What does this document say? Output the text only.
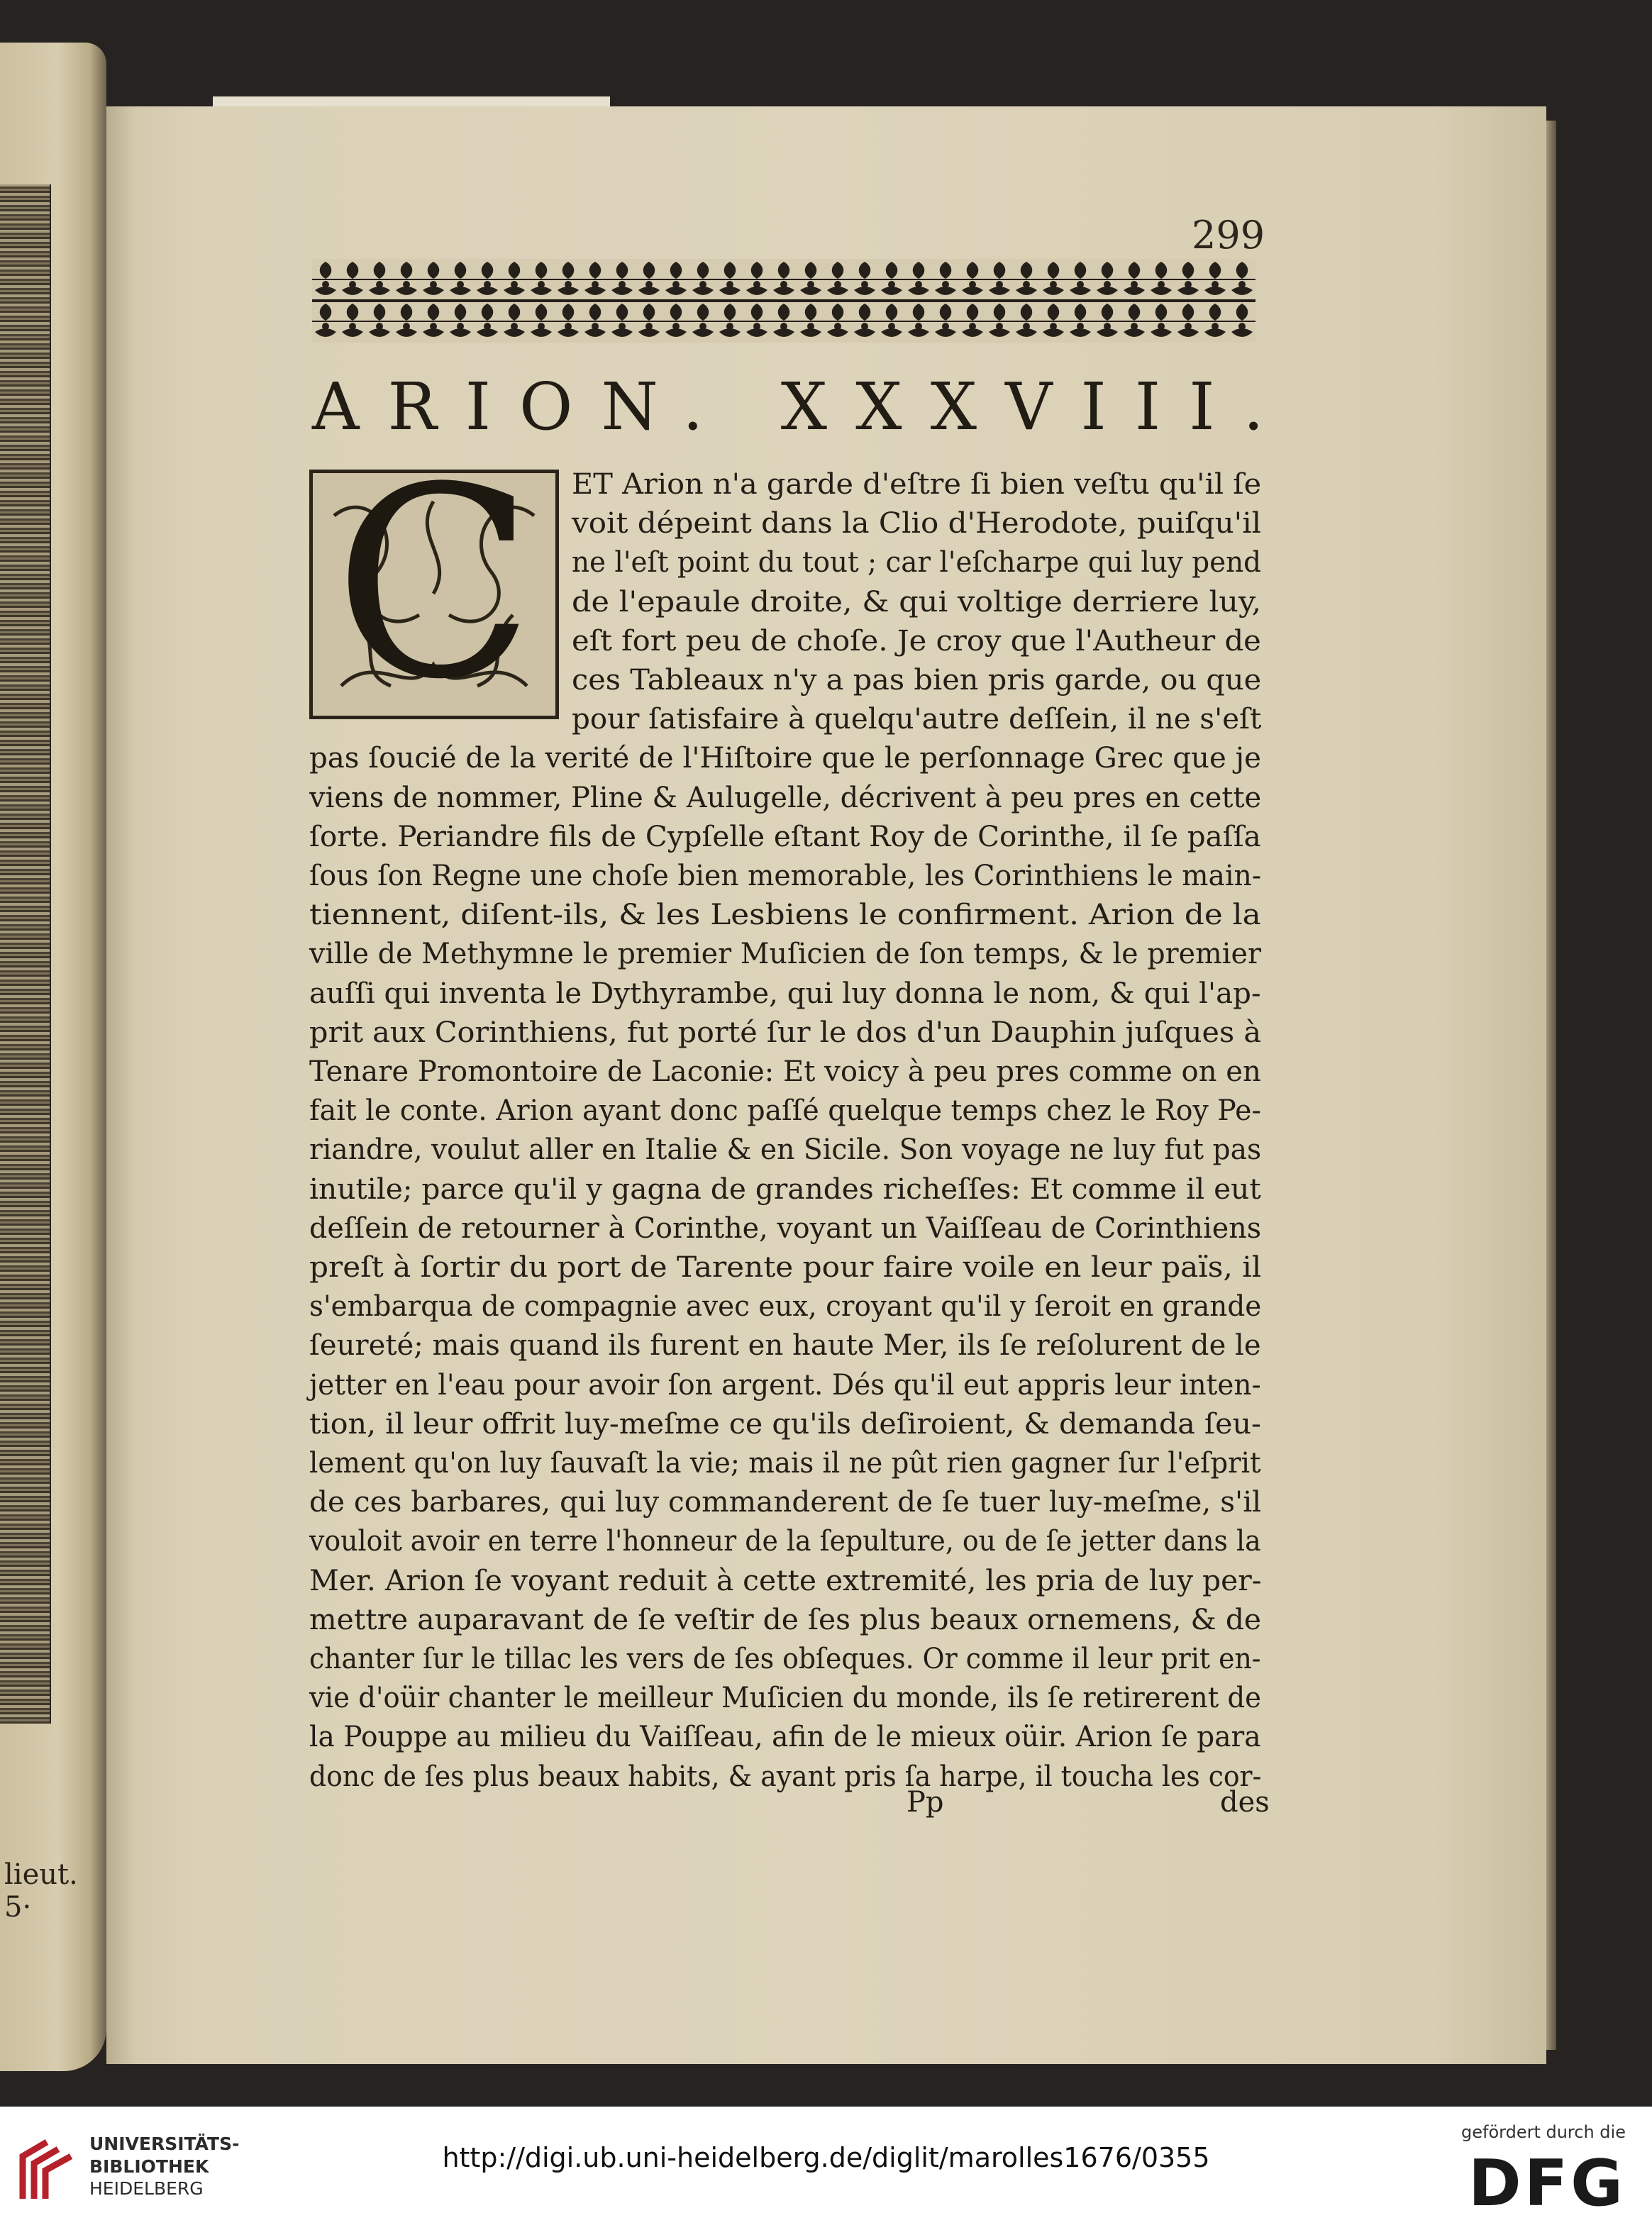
lieut. 5·
299
ARION. XXXVIII.
C	ET Arion n'a garde d'eſtre ſi bien veſtu qu'il ſe
voit dépeint dans la Clio d'Herodote, puiſqu'il
ne l'eſt point du tout ; car l'eſcharpe qui luy pend
de l'epaule droite, & qui voltige derriere luy,
eſt fort peu de choſe. Je croy que l'Autheur de
ces Tableaux n'y a pas bien pris garde, ou que
pour ſatisfaire à quelqu'autre deſſein, il ne s'eſt
pas ſoucié de la verité de l'Hiſtoire que le perſonnage Grec que je
viens de nommer, Pline & Aulugelle, décrivent à peu pres en cette
ſorte. Periandre fils de Cypſelle eſtant Roy de Corinthe, il ſe paſſa
ſous ſon Regne une choſe bien memorable, les Corinthiens le main-
tiennent, diſent-ils, & les Lesbiens le confirment. Arion de la
ville de Methymne le premier Muſicien de ſon temps, & le premier
auſſi qui inventa le Dythyrambe, qui luy donna le nom, & qui l'ap-
prit aux Corinthiens, fut porté ſur le dos d'un Dauphin juſques à
Tenare Promontoire de Laconie: Et voicy à peu pres comme on en
fait le conte. Arion ayant donc paſſé quelque temps chez le Roy Pe-
riandre, voulut aller en Italie & en Sicile. Son voyage ne luy fut pas
inutile; parce qu'il y gagna de grandes richeſſes: Et comme il eut
deſſein de retourner à Corinthe, voyant un Vaiſſeau de Corinthiens
preſt à ſortir du port de Tarente pour faire voile en leur païs, il
s'embarqua de compagnie avec eux, croyant qu'il y ſeroit en grande
ſeureté; mais quand ils furent en haute Mer, ils ſe reſolurent de le
jetter en l'eau pour avoir ſon argent. Dés qu'il eut appris leur inten-
tion, il leur offrit luy-meſme ce qu'ils deſiroient, & demanda ſeu-
lement qu'on luy ſauvaſt la vie; mais il ne pût rien gagner ſur l'eſprit
de ces barbares, qui luy commanderent de ſe tuer luy-meſme, s'il
vouloit avoir en terre l'honneur de la ſepulture, ou de ſe jetter dans la
Mer. Arion ſe voyant reduit à cette extremité, les pria de luy per-
mettre auparavant de ſe veſtir de ſes plus beaux ornemens, & de
chanter ſur le tillac les vers de ſes obſeques. Or comme il leur prit en-
vie d'oüir chanter le meilleur Muſicien du monde, ils ſe retirerent de
la Pouppe au milieu du Vaiſſeau, afin de le mieux oüir. Arion ſe para
donc de ſes plus beaux habits, & ayant pris ſa harpe, il toucha les cor-
Pp	des
UNIVERSITÄTS-
BIBLIOTHEK
HEIDELBERG
http://digi.ub.uni-heidelberg.de/diglit/marolles1676/0355
gefördert durch die
DFG
